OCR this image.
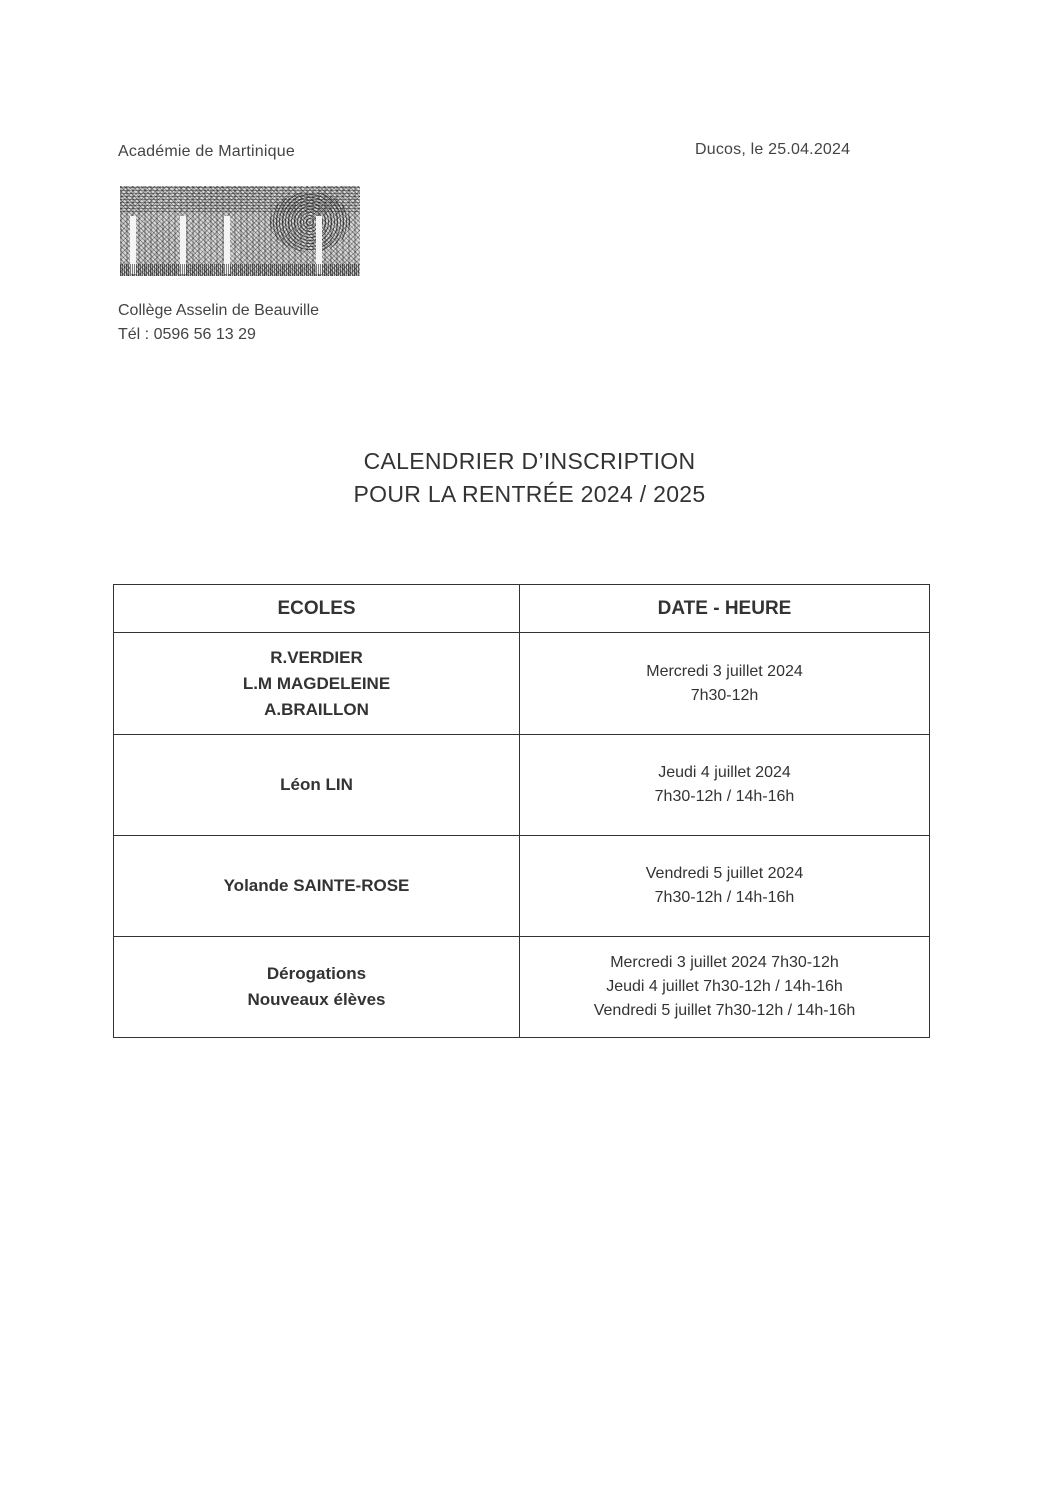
Académie de Martinique	Ducos, le 25.04.2024
Collège Asselin de Beauville
Tél : 0596 56 13 29
CALENDRIER D’INSCRIPTION
POUR LA RENTRÉE 2024 / 2025
ECOLES	DATE - HEURE

R.VERDIER
L.M MAGDELEINE
A.BRAILLON	Mercredi 3 juillet 2024
7h30-12h

Léon LIN	Jeudi 4 juillet 2024
7h30-12h / 14h-16h

Yolande SAINTE-ROSE	Vendredi 5 juillet 2024
7h30-12h / 14h-16h

Dérogations
Nouveaux élèves	Mercredi 3 juillet 2024 7h30-12h
Jeudi 4 juillet 7h30-12h / 14h-16h
Vendredi 5 juillet 7h30-12h / 14h-16h
